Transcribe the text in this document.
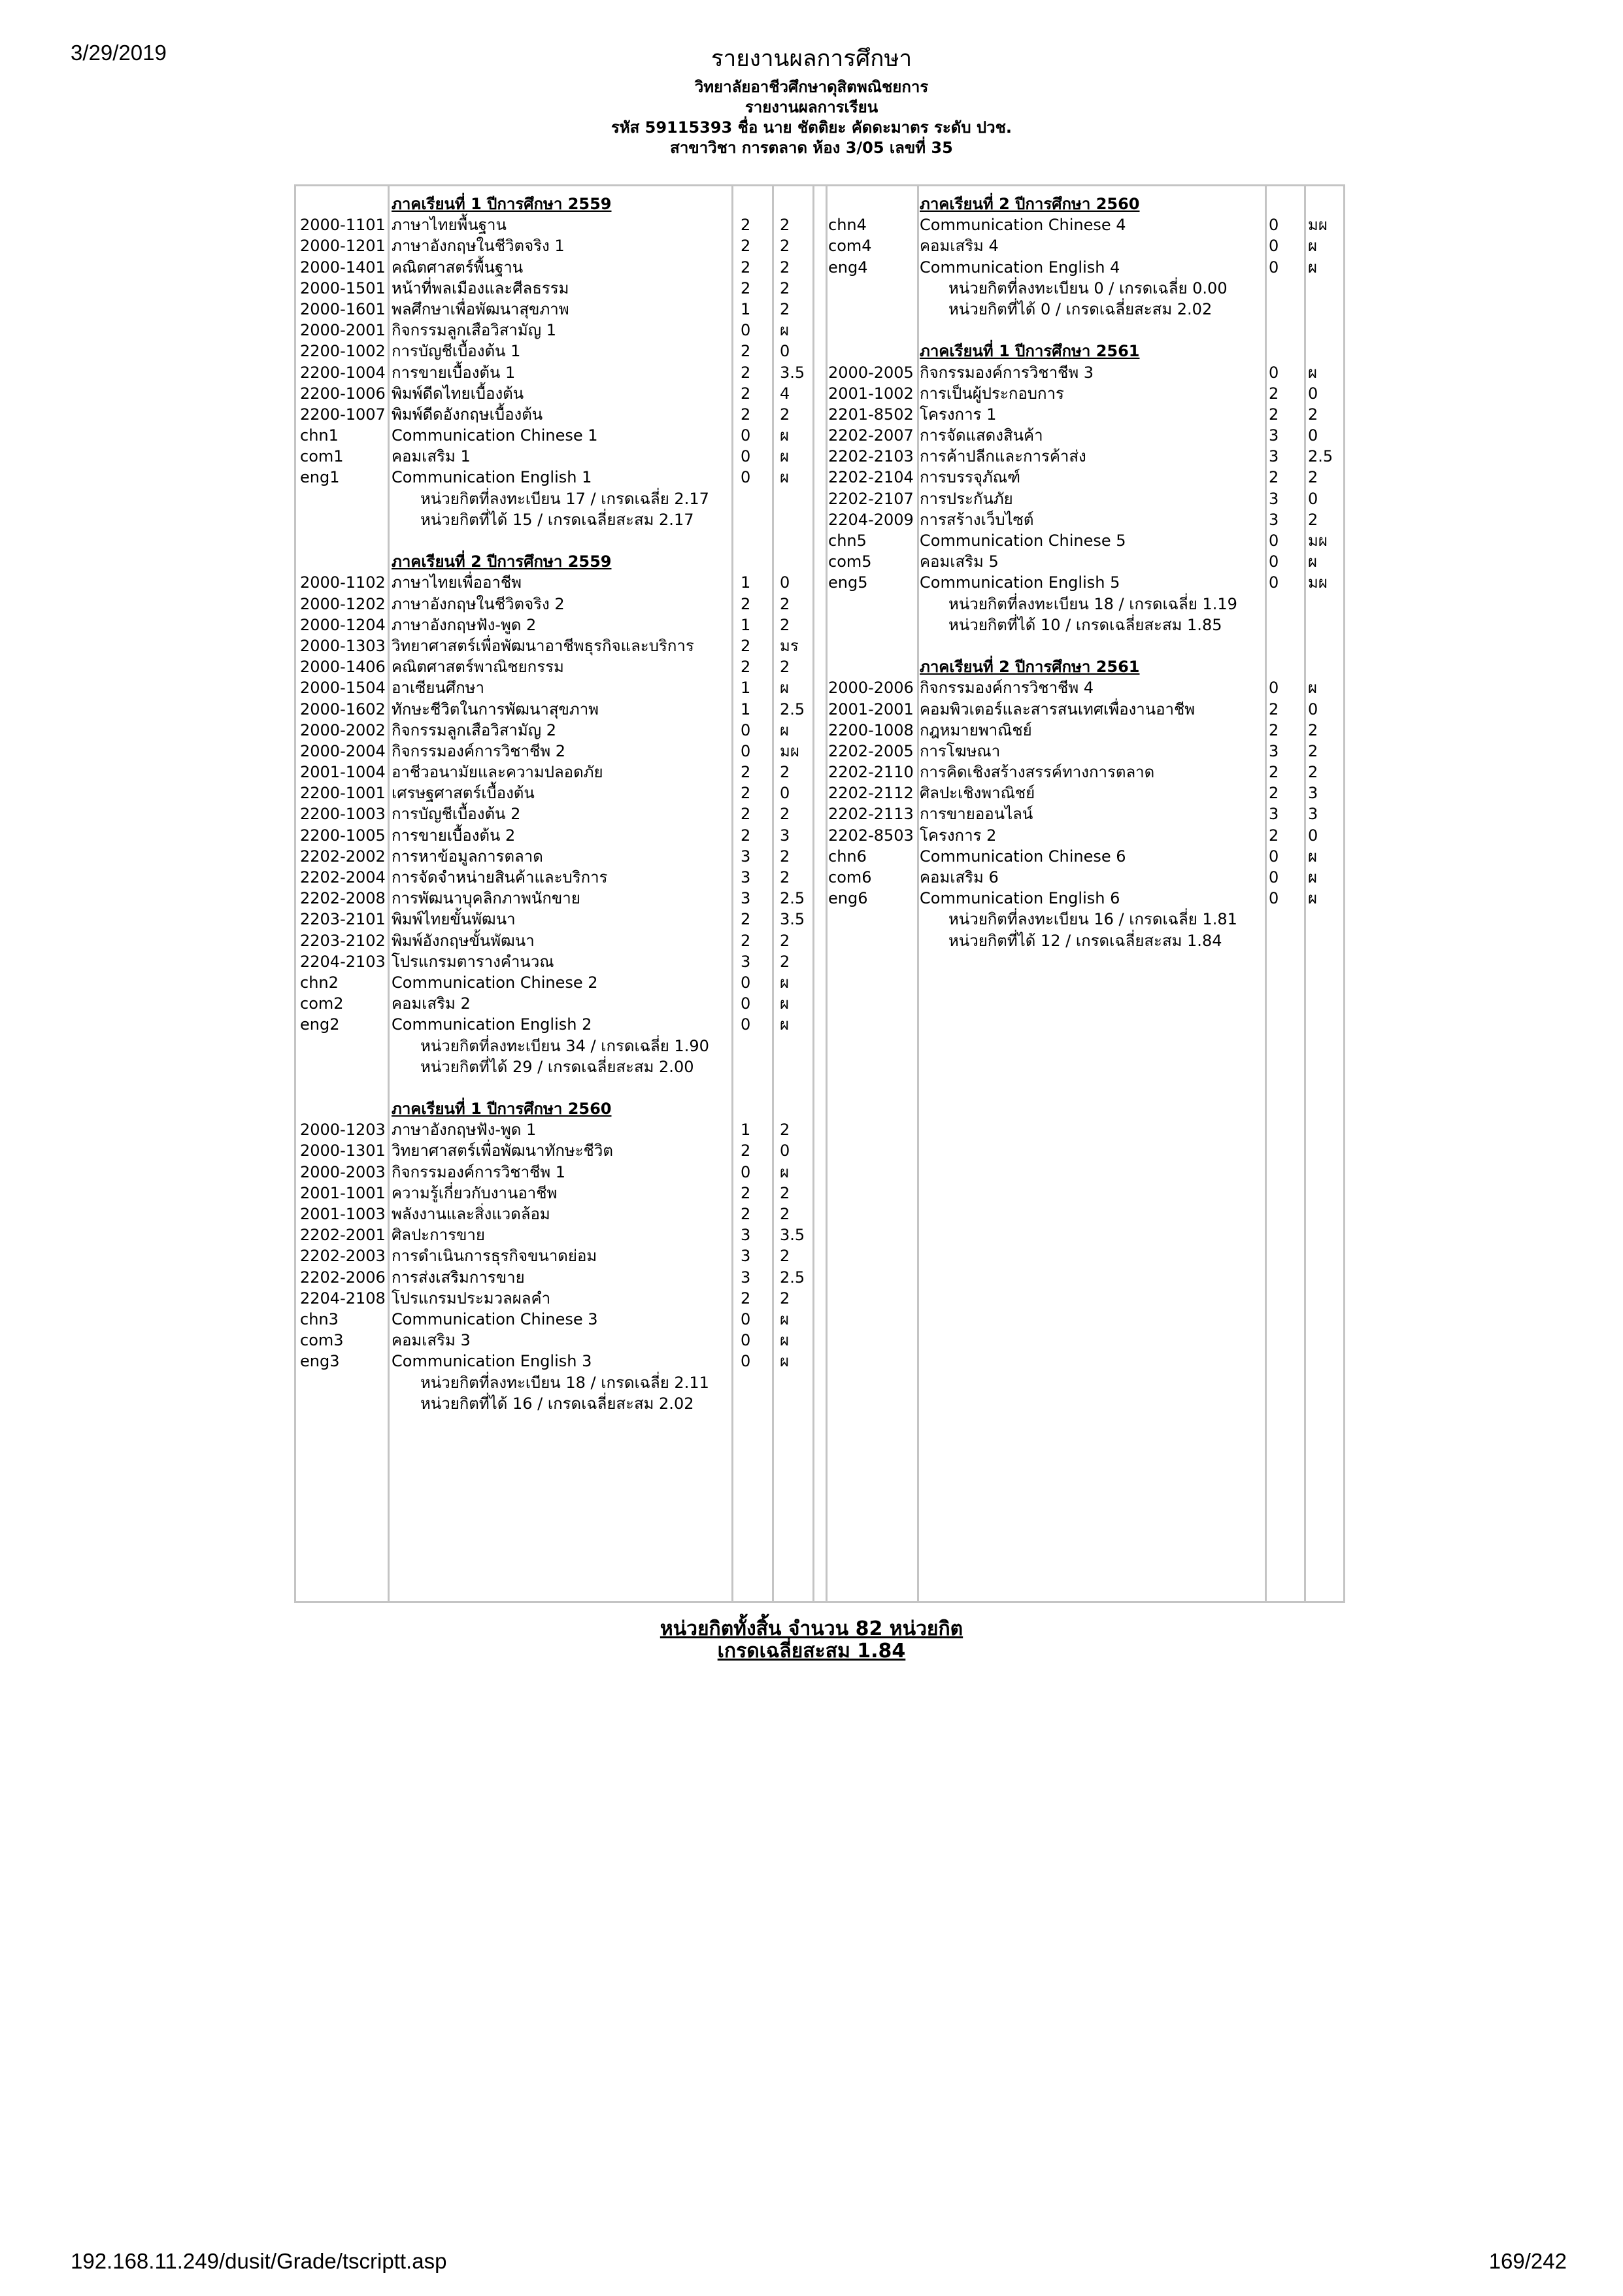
3/29/2019	รายงานผลการศึกษา
วิทยาลัยอาชีวศึกษาดุสิตพณิชยการ
รายงานผลการเรียน
รหัส 59115393 ชื่อ นาย ชัตติยะ คัดดะมาตร ระดับ ปวช.
สาขาวิชา การตลาด ห้อง 3/05 เลขที่ 35
ภาคเรียนที่ 1 ปีการศึกษา 2559
2000-1101 ภาษาไทยพื้นฐาน	2 2
2000-1201 ภาษาอังกฤษในชีวิตจริง 1	2 2
2000-1401 คณิตศาสตร์พื้นฐาน	2 2
2000-1501 หน้าที่พลเมืองและศีลธรรม	2 2
2000-1601 พลศึกษาเพื่อพัฒนาสุขภาพ	1 2
2000-2001 กิจกรรมลูกเสือวิสามัญ 1	0 ผ
2200-1002 การบัญชีเบื้องต้น 1	2 0
2200-1004 การขายเบื้องต้น 1	2 3.5
2200-1006 พิมพ์ดีดไทยเบื้องต้น	2 4
2200-1007 พิมพ์ดีดอังกฤษเบื้องต้น	2 2
chn1	Communication Chinese 1	0 ผ
com1	คอมเสริม 1	0 ผ
eng1	Communication English 1	0 ผ
หน่วยกิตที่ลงทะเบียน 17 / เกรดเฉลี่ย 2.17
หน่วยกิตที่ได้ 15 / เกรดเฉลี่ยสะสม 2.17
ภาคเรียนที่ 2 ปีการศึกษา 2559
2000-1102 ภาษาไทยเพื่ออาชีพ	1 0
2000-1202 ภาษาอังกฤษในชีวิตจริง 2	2 2
2000-1204 ภาษาอังกฤษฟัง-พูด 2	1 2
2000-1303 วิทยาศาสตร์เพื่อพัฒนาอาชีพธุรกิจและบริการ	2 มร
2000-1406 คณิตศาสตร์พาณิชยกรรม	2 2
2000-1504 อาเซียนศึกษา	1 ผ
2000-1602 ทักษะชีวิตในการพัฒนาสุขภาพ	1 2.5
2000-2002 กิจกรรมลูกเสือวิสามัญ 2	0 ผ
2000-2004 กิจกรรมองค์การวิชาชีพ 2	0 มผ
2001-1004 อาชีวอนามัยและความปลอดภัย	2 2
2200-1001 เศรษฐศาสตร์เบื้องต้น	2 0
2200-1003 การบัญชีเบื้องต้น 2	2 2
2200-1005 การขายเบื้องต้น 2	2 3
2202-2002 การหาข้อมูลการตลาด	3 2
2202-2004 การจัดจำหน่ายสินค้าและบริการ	3 2
2202-2008 การพัฒนาบุคลิกภาพนักขาย	3 2.5
2203-2101 พิมพ์ไทยขั้นพัฒนา	2 3.5
2203-2102 พิมพ์อังกฤษขั้นพัฒนา	2 2
2204-2103 โปรแกรมตารางคำนวณ	3 2
chn2	Communication Chinese 2	0 ผ
com2	คอมเสริม 2	0 ผ
eng2	Communication English 2	0 ผ
หน่วยกิตที่ลงทะเบียน 34 / เกรดเฉลี่ย 1.90
หน่วยกิตที่ได้ 29 / เกรดเฉลี่ยสะสม 2.00
ภาคเรียนที่ 1 ปีการศึกษา 2560
2000-1203 ภาษาอังกฤษฟัง-พูด 1	1 2
2000-1301 วิทยาศาสตร์เพื่อพัฒนาทักษะชีวิต	2 0
2000-2003 กิจกรรมองค์การวิชาชีพ 1	0 ผ
2001-1001 ความรู้เกี่ยวกับงานอาชีพ	2 2
2001-1003 พลังงานและสิ่งแวดล้อม	2 2
2202-2001 ศิลปะการขาย	3 3.5
2202-2003 การดำเนินการธุรกิจขนาดย่อม	3 2
2202-2006 การส่งเสริมการขาย	3 2.5
2204-2108 โปรแกรมประมวลผลคำ	2 2
chn3	Communication Chinese 3	0 ผ
com3	คอมเสริม 3	0 ผ
eng3	Communication English 3	0 ผ
หน่วยกิตที่ลงทะเบียน 18 / เกรดเฉลี่ย 2.11
หน่วยกิตที่ได้ 16 / เกรดเฉลี่ยสะสม 2.02
ภาคเรียนที่ 2 ปีการศึกษา 2560
chn4	Communication Chinese 4	0 มผ
com4	คอมเสริม 4	0 ผ
eng4	Communication English 4	0 ผ
หน่วยกิตที่ลงทะเบียน 0 / เกรดเฉลี่ย 0.00
หน่วยกิตที่ได้ 0 / เกรดเฉลี่ยสะสม 2.02
ภาคเรียนที่ 1 ปีการศึกษา 2561
2000-2005 กิจกรรมองค์การวิชาชีพ 3	0 ผ
2001-1002 การเป็นผู้ประกอบการ	2 0
2201-8502 โครงการ 1	2 2
2202-2007 การจัดแสดงสินค้า	3 0
2202-2103 การค้าปลีกและการค้าส่ง	3 2.5
2202-2104 การบรรจุภัณฑ์	2 2
2202-2107 การประกันภัย	3 0
2204-2009 การสร้างเว็บไซต์	3 2
chn5	Communication Chinese 5	0 มผ
com5	คอมเสริม 5	0 ผ
eng5	Communication English 5	0 มผ
หน่วยกิตที่ลงทะเบียน 18 / เกรดเฉลี่ย 1.19
หน่วยกิตที่ได้ 10 / เกรดเฉลี่ยสะสม 1.85
ภาคเรียนที่ 2 ปีการศึกษา 2561
2000-2006 กิจกรรมองค์การวิชาชีพ 4	0 ผ
2001-2001 คอมพิวเตอร์และสารสนเทศเพื่องานอาชีพ	2 0
2200-1008 กฎหมายพาณิชย์	2 2
2202-2005 การโฆษณา	3 2
2202-2110 การคิดเชิงสร้างสรรค์ทางการตลาด	2 2
2202-2112 ศิลปะเชิงพาณิชย์	2 3
2202-2113 การขายออนไลน์	3 3
2202-8503 โครงการ 2	2 0
chn6	Communication Chinese 6	0 ผ
com6	คอมเสริม 6	0 ผ
eng6	Communication English 6	0 ผ
หน่วยกิตที่ลงทะเบียน 16 / เกรดเฉลี่ย 1.81
หน่วยกิตที่ได้ 12 / เกรดเฉลี่ยสะสม 1.84
หน่วยกิตทั้งสิ้น จำนวน 82 หน่วยกิต
เกรดเฉลี่ยสะสม 1.84
192.168.11.249/dusit/Grade/tscriptt.asp	169/242
